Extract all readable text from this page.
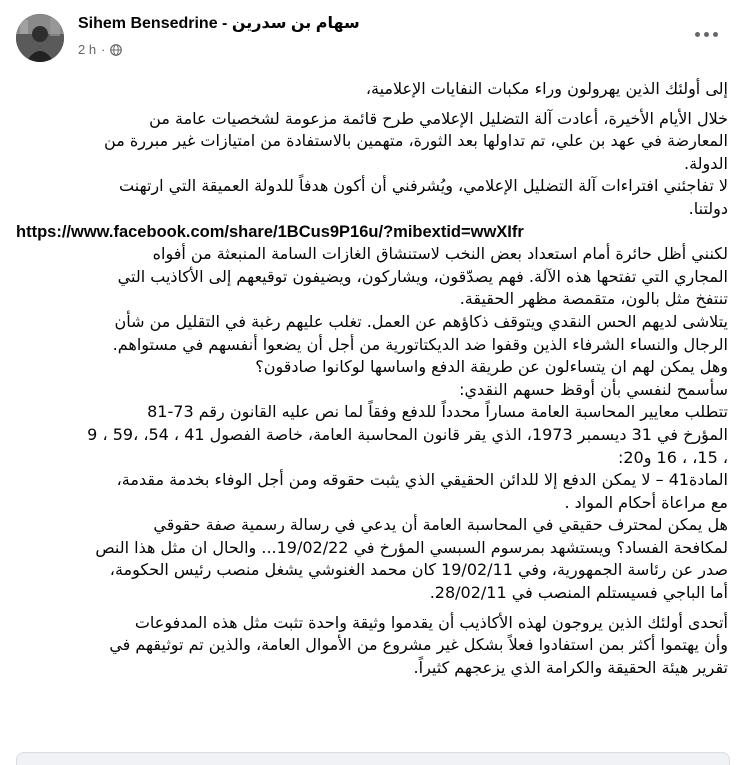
Sihem Bensedrine - سهام بن سدرين
2 h ·

إلى أولئك الذين يهرولون وراء مكبات النفايات الإعلامية،

خلال الأيام الأخيرة، أعادت آلة التضليل الإعلامي طرح قائمة مزعومة لشخصيات عامة من

المعارضة في عهد بن علي، تم تداولها بعد الثورة، متهمين بالاستفادة من امتيازات غير مبررة من

الدولة.

لا تفاجئني افتراءات آلة التضليل الإعلامي، ويُشرفني أن أكون هدفاً للدولة العميقة التي ارتهنت

دولتنا.

https://www.facebook.com/share/1BCus9P16u/?mibextid=wwXIfr

لكنني أظل حائرة أمام استعداد بعض النخب لاستنشاق الغازات السامة المنبعثة من أفواه

المجاري التي تفتحها هذه الآلة. فهم يصدّقون، ويشاركون، ويضيفون توقيعهم إلى الأكاذيب التي

تنتفخ مثل بالون، متقمصة مظهر الحقيقة.

يتلاشى لديهم الحس النقدي ويتوقف ذكاؤهم عن العمل. تغلب عليهم رغبة في التقليل من شأن

الرجال والنساء الشرفاء الذين وقفوا ضد الديكتاتورية من أجل أن يضعوا أنفسهم في مستواهم.

وهل يمكن لهم ان يتساءلون عن طريقة الدفع واساسها لوكانوا صادقون؟

سأسمح لنفسي بأن أوقظ حسهم النقدي:

تتطلب معايير المحاسبة العامة مساراً محدداً للدفع وفقاً لما نص عليه القانون رقم 73-81

المؤرخ في 31 ديسمبر 1973، الذي يقر قانون المحاسبة العامة، خاصة الفصول 41 ، 54، ،59 ، 9

، 15، ، 16 و20:

المادة41 – لا يمكن الدفع إلا للدائن الحقيقي الذي يثبت حقوقه ومن أجل الوفاء بخدمة مقدمة،

مع مراعاة أحكام المواد .

هل يمكن لمحترف حقيقي في المحاسبة العامة أن يدعي في رسالة رسمية صفة حقوقي

لمكافحة الفساد؟ ويستشهد بمرسوم السبسي المؤرخ في 19/02/22... والحال ان مثل هذا النص

صدر عن رئاسة الجمهورية، وفي 19/02/11 كان محمد الغنوشي يشغل منصب رئيس الحكومة،

أما الباجي فسيستلم المنصب في 28/02/11.

أتحدى أولئك الذين يروجون لهذه الأكاذيب أن يقدموا وثيقة واحدة تثبت مثل هذه المدفوعات

وأن يهتموا أكثر بمن استفادوا فعلاً بشكل غير مشروع من الأموال العامة، والذين تم توثيقهم في

تقرير هيئة الحقيقة والكرامة الذي يزعجهم كثيراً.
